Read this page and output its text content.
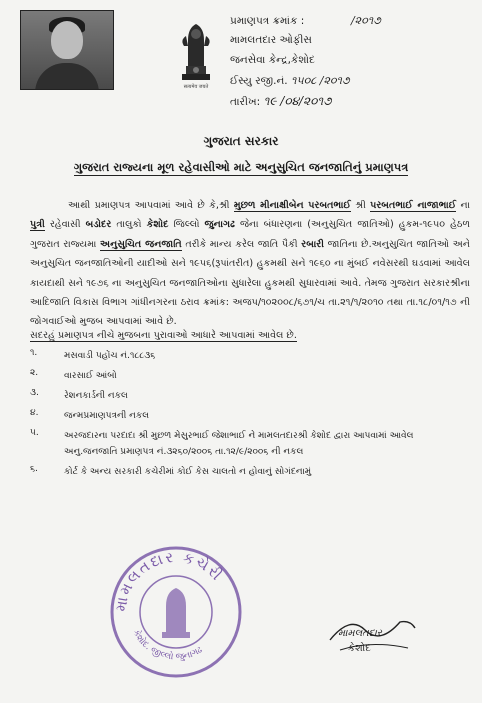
सत्यमेव जयते
પ્રમાણપત્ર ક્રમાંક :	/૨૦૧૭
મામલતદાર ઓફીસ
જનસેવા કેન્દ્ર,કેશોદ
ઈસ્યુ રજી.નં. ૧૫૦૮ /૨૦૧૭
તારીખ: ૧૯ /૦૪/૨૦૧૭
ગુજરાત સરકાર
ગુજરાત રાજ્યના મૂળ રહેવાસીઓ માટે અનુસુચિત જનજાતિનું પ્રમાણપત્ર
આથી પ્રમાણપત્ર આપવામાં આવે છે કે,શ્રી મુછળ મીનાક્ષીબેન પરબતભાઈ શ્રી પરબતભાઈ નાજાભાઈ ના પુત્રી રહેવાસી બડોદર તાલુકો કેશોદ જિલ્લો જુનાગઢ જેના બંધારણના (અનુસુચિત જાતિઓ) હુકમ-૧૯૫૦ હેઠળ ગુજરાત રાજ્યમા અનુસુચિત જનજાતિ તરીકે માન્ય કરેલ જાતિ પૈકી રબારી જાતિના છે.અનુસુચિત જાતિઓ અને અનુસુચિત જનજાતિઓની યાદીઓ સને ૧૯૫૬(રૂપાંતરીત) હુકમથી સને ૧૯૬૦ ના મુંબઈ નવેસરથી ઘડવામાં આવેલ કાયદાથી સને ૧૯૭૬ ના અનુસુચિત જનજાતિઓના સુધારેલા હુકમથી સુધારવામાં આવે. તેમજ ગુજરાત સરકારશ્રીના આદિજાતિ વિકાસ વિભાગ ગાંધીનગરના ઠરાવ ક્રમાંક: અજપ/૧૦૨૦૦૮/૬૭૧/ચ તા.૨૧/૧/૨૦૧૦ તથા તા.૧૮/૦૧/૧૭ ની જોગવાઈઓ મુજબ આપવામાં આવે છે.
સદરહું પ્રમાણપત્ર નીચે મુજબના પુરાવાઓ આધારે આપવામાં આવેલ છે.
૧.	મસવાડી પહોંચ નં.૧૮૮૩૬
૨.	વારસાઈ આંબો
૩.	રેશનકાર્ડની નકલ
૪.	જન્મપ્રમાણપત્રની નકલ
૫.	અરજદારના પરદાદા શ્રી મુછળ મેસુરભાઈ જેશાભાઈ ને મામલતદારશ્રી કેશોદ દ્વારા આપવામાં આવેલ અનુ.જનજાતિ પ્રમાણપત્ર નં.૩૨૬૦/૨૦૦૬ તા.૧૨/૯/૨૦૦૬ ની નકલ
૬.	કોર્ટ કે અન્ય સરકારી કચેરીમાં કોઈ કેસ ચાલતો ન હોવાનું સોગંદનામું
મામલતદાર કચેરી
કેશોદ. જીલ્લો જુનાગઢ
મામલતદાર
કેશોદ
